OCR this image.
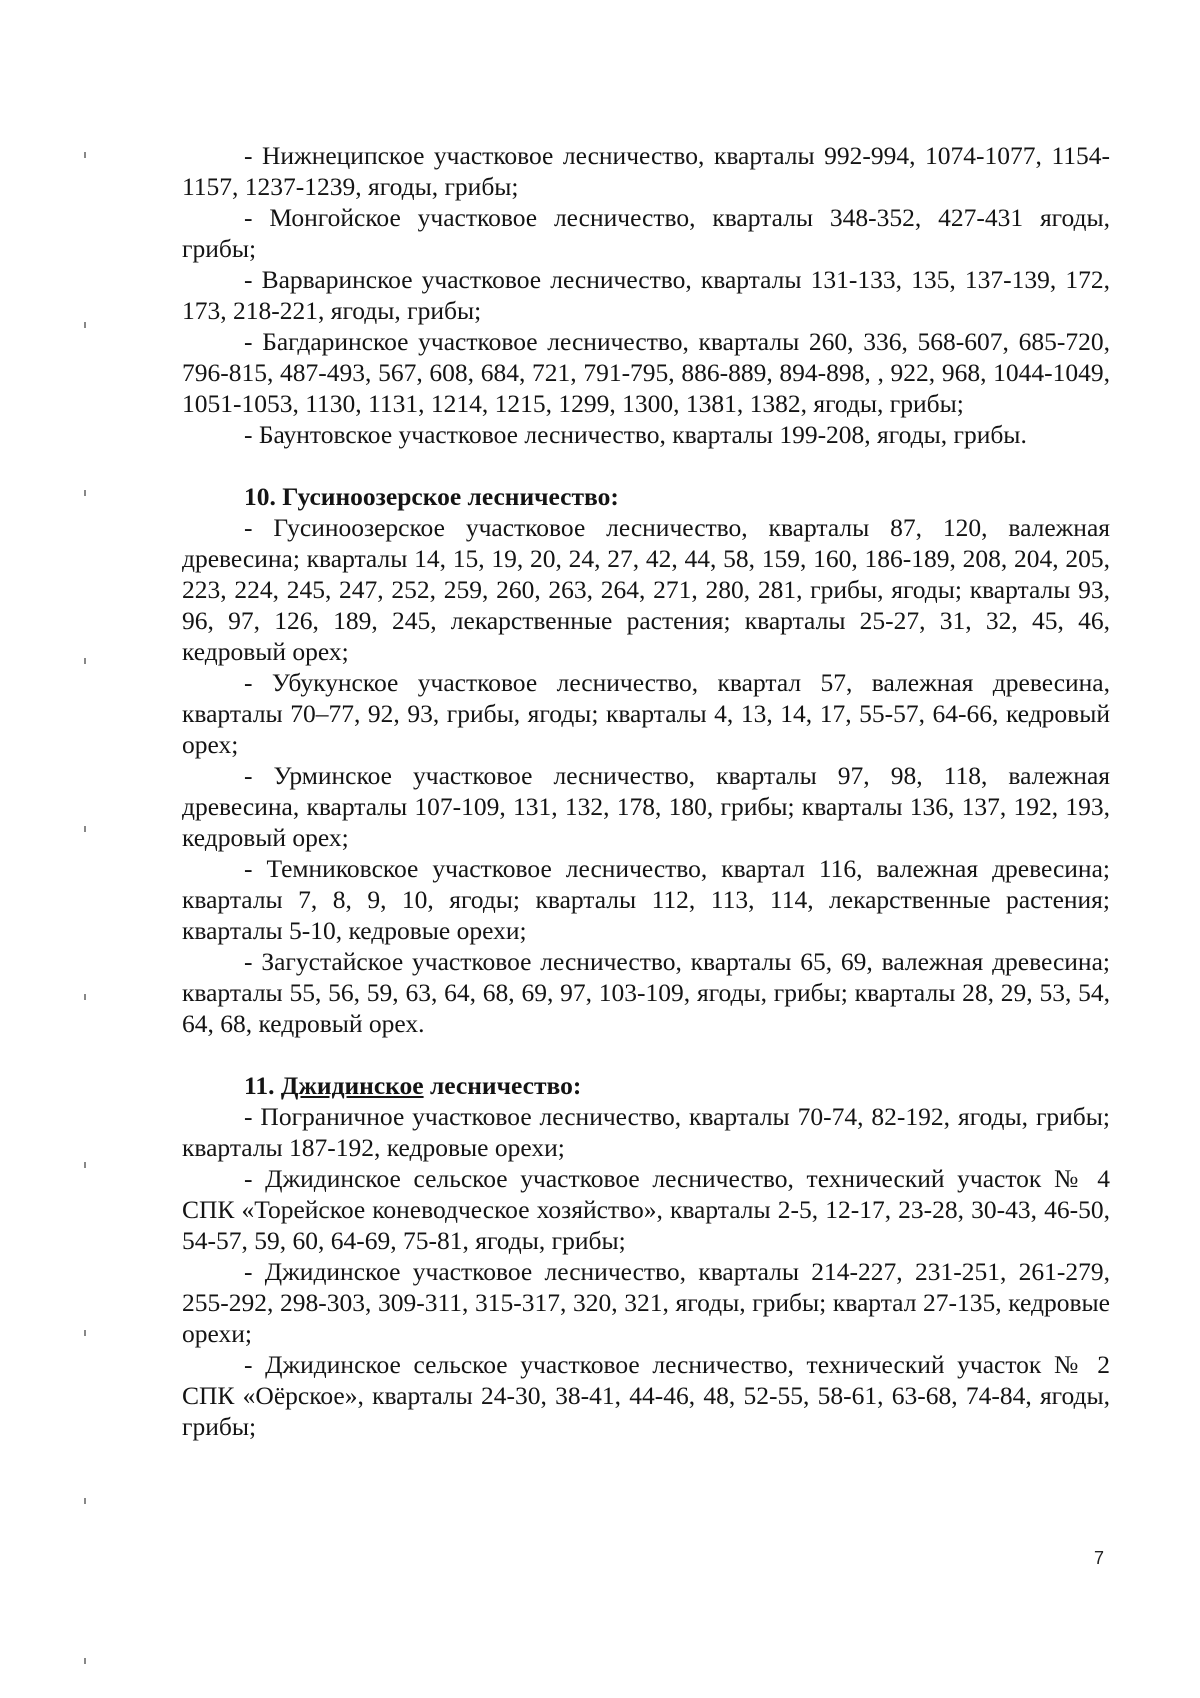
- Нижнеципское участковое лесничество, кварталы 992-994, 1074-1077, 1154-1157, 1237-1239, ягоды, грибы;

- Монгойское участковое лесничество, кварталы 348-352, 427-431 ягоды, грибы;

- Варваринское участковое лесничество, кварталы 131-133, 135, 137-139, 172, 173, 218-221, ягоды, грибы;

- Багдаринское участковое лесничество, кварталы 260, 336, 568-607, 685-720, 796-815, 487-493, 567, 608, 684, 721, 791-795, 886-889, 894-898, , 922, 968, 1044-1049, 1051-1053, 1130, 1131, 1214, 1215, 1299, 1300, 1381, 1382, ягоды, грибы;

- Баунтовское участковое лесничество, кварталы 199-208, ягоды, грибы.

10. Гусиноозерское лесничество:

- Гусиноозерское участковое лесничество, кварталы 87, 120, валежная древесина; кварталы 14, 15, 19, 20, 24, 27, 42, 44, 58, 159, 160, 186-189, 208, 204, 205, 223, 224, 245, 247, 252, 259, 260, 263, 264, 271, 280, 281, грибы, ягоды; кварталы 93, 96, 97, 126, 189, 245, лекарственные растения; кварталы 25-27, 31, 32, 45, 46, кедровый орех;

- Убукунское участковое лесничество, квартал 57, валежная древесина, кварталы 70–77, 92, 93, грибы, ягоды; кварталы 4, 13, 14, 17, 55-57, 64-66, кедровый орех;

- Урминское участковое лесничество, кварталы 97, 98, 118, валежная древесина, кварталы 107-109, 131, 132, 178, 180, грибы; кварталы 136, 137, 192, 193, кедровый орех;

- Темниковское участковое лесничество, квартал 116, валежная древесина; кварталы 7, 8, 9, 10, ягоды; кварталы 112, 113, 114, лекарственные растения; кварталы 5-10, кедровые орехи;

- Загустайское участковое лесничество, кварталы 65, 69, валежная древесина; кварталы 55, 56, 59, 63, 64, 68, 69, 97, 103-109, ягоды, грибы; кварталы 28, 29, 53, 54, 64, 68, кедровый орех.

11. Джидинское лесничество:

- Пограничное участковое лесничество, кварталы 70-74, 82-192, ягоды, грибы; кварталы 187-192, кедровые орехи;

- Джидинское сельское участковое лесничество, технический участок № 4 СПК «Торейское коневодческое хозяйство», кварталы 2-5, 12-17, 23-28, 30-43, 46-50, 54-57, 59, 60, 64-69, 75-81, ягоды, грибы;

- Джидинское участковое лесничество, кварталы 214-227, 231-251, 261-279, 255-292, 298-303, 309-311, 315-317, 320, 321, ягоды, грибы; квартал 27-135, кедровые орехи;

- Джидинское сельское участковое лесничество, технический участок № 2 СПК «Оёрское», кварталы 24-30, 38-41, 44-46, 48, 52-55, 58-61, 63-68, 74-84, ягоды, грибы;

7
